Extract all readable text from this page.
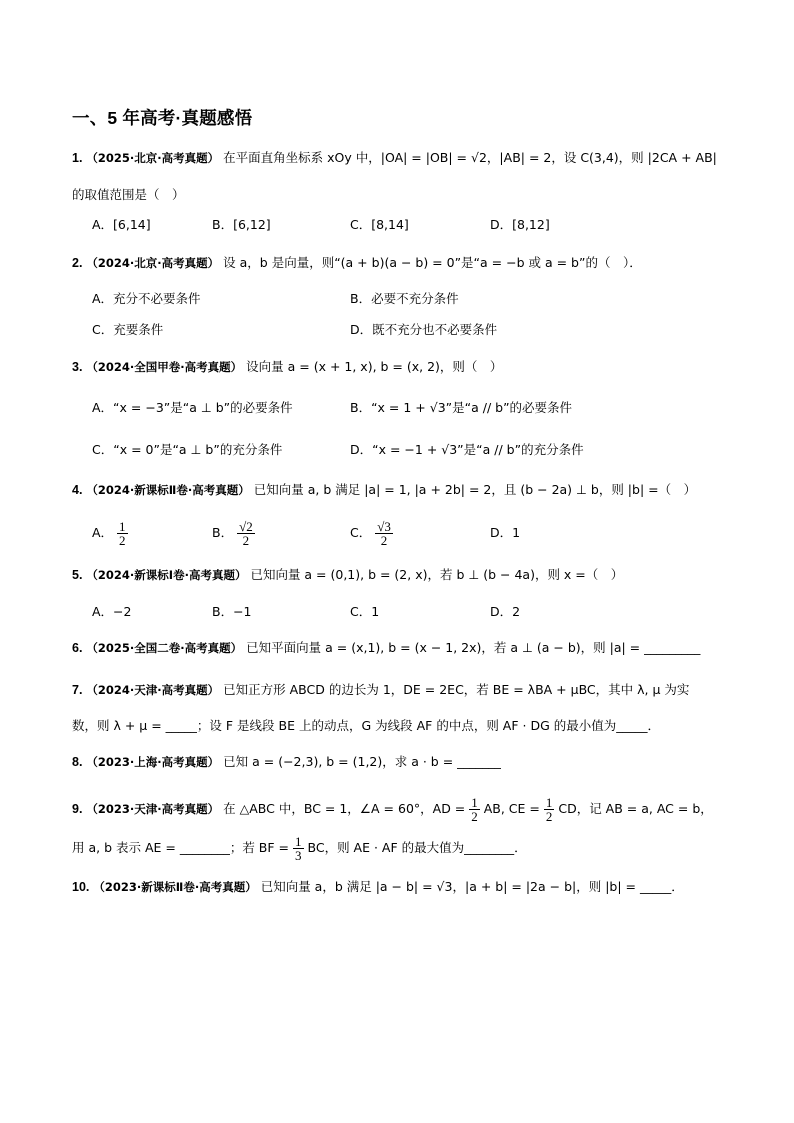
一、5 年高考·真题感悟
1. （2025·北京·高考真题） 在平面直角坐标系 xOy 中，|OA| = |OB| = √2，|AB| = 2，设 C(3,4)，则 |2CA + AB|
的取值范围是（　）
A．[6,14]	B．[6,12]	C．[8,14]	D．[8,12]
2. （2024·北京·高考真题） 设 a，b 是向量，则“(a + b)(a − b) = 0”是“a = −b 或 a = b”的（　）．
A．充分不必要条件	B．必要不充分条件
C．充要条件	D．既不充分也不必要条件
3. （2024·全国甲卷·高考真题） 设向量 a = (x + 1, x), b = (x, 2)，则（　）
A．“x = −3”是“a ⊥ b”的必要条件	B．“x = 1 + √3”是“a // b”的必要条件
C．“x = 0”是“a ⊥ b”的充分条件	D．“x = −1 + √3”是“a // b”的充分条件
4. （2024·新课标Ⅱ卷·高考真题） 已知向量 a, b 满足 |a| = 1, |a + 2b| = 2，且 (b − 2a) ⊥ b，则 |b| =（　）
A． $\frac{1}{2}$	B． $\frac{√2}{2}$	C． $\frac{√3}{2}$	D．1
5. （2024·新课标Ⅰ卷·高考真题） 已知向量 a = (0,1), b = (2, x)，若 b ⊥ (b − 4a)，则 x =（　）
A．−2	B．−1	C．1	D．2
6. （2025·全国二卷·高考真题） 已知平面向量 a = (x,1), b = (x − 1, 2x)，若 a ⊥ (a − b)，则 |a| = _________
7. （2024·天津·高考真题） 已知正方形 ABCD 的边长为 1，DE = 2EC，若 BE = λBA + μBC，其中 λ, μ 为实
数，则 λ + μ = _____；设 F 是线段 BE 上的动点，G 为线段 AF 的中点，则 AF · DG 的最小值为_____．
8. （2023·上海·高考真题） 已知 a = (−2,3), b = (1,2)，求 a · b = _______
9. （2023·天津·高考真题） 在 △ABC 中，BC = 1，∠A = 60°，AD = $\frac{1}{2}$ AB, CE = $\frac{1}{2}$ CD，记 AB = a, AC = b，
用 a, b 表示 AE = ________；若 BF = $\frac{1}{3}$ BC，则 AE · AF 的最大值为________．
10. （2023·新课标Ⅱ卷·高考真题） 已知向量 a，b 满足 |a − b| = √3，|a + b| = |2a − b|，则 |b| = _____．
